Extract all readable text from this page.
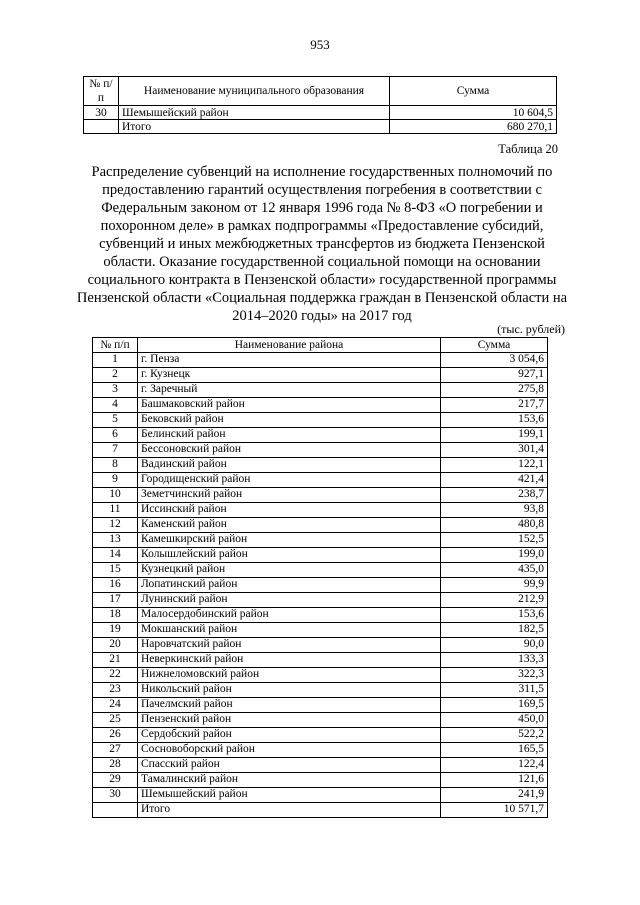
953
№ п/п	Наименование муниципального образования	Сумма
30	Шемышейский район	10 604,5
	Итого	680 270,1
Таблица 20
Распределение субвенций на исполнение государственных полномочий по предоставлению гарантий осуществления погребения в соответствии с Федеральным законом от 12 января 1996 года № 8-ФЗ «О погребении и похоронном деле» в рамках подпрограммы «Предоставление субсидий, субвенций и иных межбюджетных трансфертов из бюджета Пензенской области. Оказание государственной социальной помощи на основании социального контракта в Пензенской области» государственной программы Пензенской области «Социальная поддержка граждан в Пензенской области на 2014–2020 годы» на 2017 год
(тыс. рублей)
№ п/п	Наименование района	Сумма
1	г. Пенза	3 054,6
2	г. Кузнецк	927,1
3	г. Заречный	275,8
4	Башмаковский район	217,7
5	Бековский район	153,6
6	Белинский район	199,1
7	Бессоновский район	301,4
8	Вадинский район	122,1
9	Городищенский район	421,4
10	Земетчинский район	238,7
11	Иссинский район	93,8
12	Каменский район	480,8
13	Камешкирский район	152,5
14	Колышлейский район	199,0
15	Кузнецкий район	435,0
16	Лопатинский район	99,9
17	Лунинский район	212,9
18	Малосердобинский район	153,6
19	Мокшанский район	182,5
20	Наровчатский район	90,0
21	Неверкинский район	133,3
22	Нижнеломовский район	322,3
23	Никольский район	311,5
24	Пачелмский район	169,5
25	Пензенский район	450,0
26	Сердобский район	522,2
27	Сосновоборский район	165,5
28	Спасский район	122,4
29	Тамалинский район	121,6
30	Шемышейский район	241,9
	Итого	10 571,7
